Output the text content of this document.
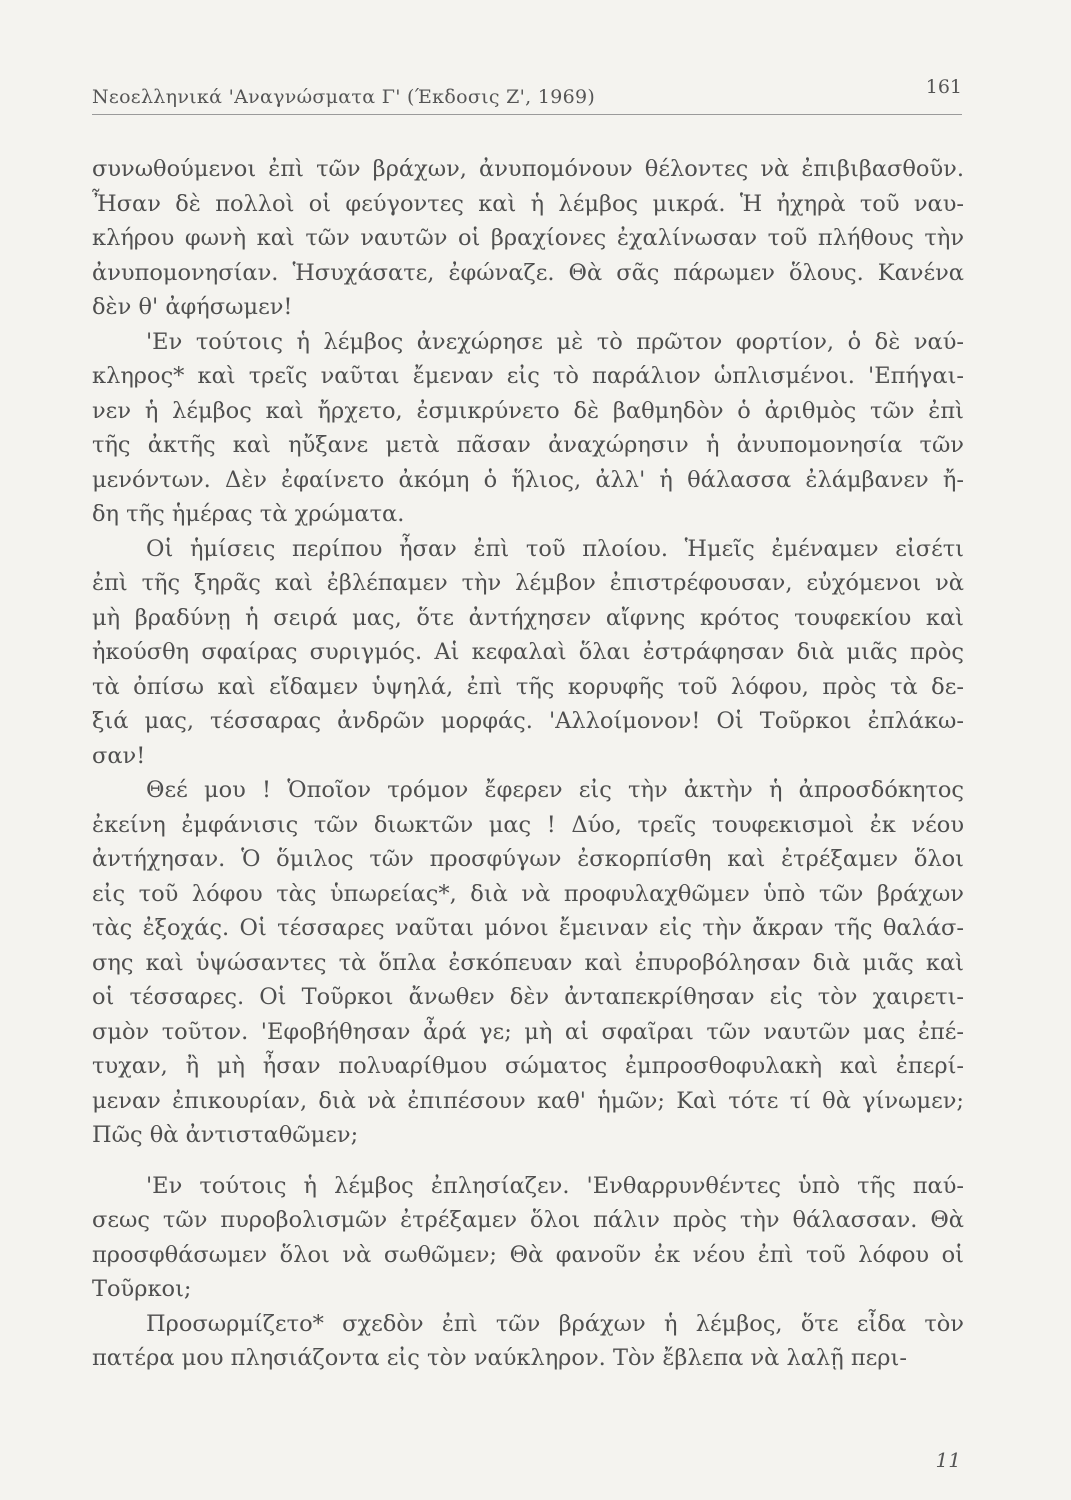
Νεοελληνικά 'Αναγνώσματα Γ' (Έκδοσις Ζ', 1969)	161
συνωθούμενοι ἐπὶ τῶν βράχων, ἀνυπομόνουν θέλοντες νὰ ἐπιβιβασθοῦν.
Ἦσαν δὲ πολλοὶ οἱ φεύγοντες καὶ ἡ λέμβος μικρά. Ἡ ἠχηρὰ τοῦ ναυ-
κλήρου φωνὴ καὶ τῶν ναυτῶν οἱ βραχίονες ἐχαλίνωσαν τοῦ πλήθους τὴν
ἀνυπομονησίαν. Ἡσυχάσατε, ἐφώναζε. Θὰ σᾶς πάρωμεν ὅλους. Κανένα
δὲν θ' ἀφήσωμεν!
'Εν τούτοις ἡ λέμβος ἀνεχώρησε μὲ τὸ πρῶτον φορτίον, ὁ δὲ ναύ-
κληρος* καὶ τρεῖς ναῦται ἔμεναν εἰς τὸ παράλιον ὡπλισμένοι. 'Επήγαι-
νεν ἡ λέμβος καὶ ἤρχετο, ἐσμικρύνετο δὲ βαθμηδὸν ὁ ἀριθμὸς τῶν ἐπὶ
τῆς ἀκτῆς καὶ ηὔξανε μετὰ πᾶσαν ἀναχώρησιν ἡ ἀνυπομονησία τῶν
μενόντων. Δὲν ἐφαίνετο ἀκόμη ὁ ἥλιος, ἀλλ' ἡ θάλασσα ἐλάμβανεν ἤ-
δη τῆς ἡμέρας τὰ χρώματα.
Οἱ ἡμίσεις περίπου ἦσαν ἐπὶ τοῦ πλοίου. Ἡμεῖς ἐμέναμεν εἰσέτι
ἐπὶ τῆς ξηρᾶς καὶ ἐβλέπαμεν τὴν λέμβον ἐπιστρέφουσαν, εὐχόμενοι νὰ
μὴ βραδύνῃ ἡ σειρά μας, ὅτε ἀντήχησεν αἴφνης κρότος τουφεκίου καὶ
ἠκούσθη σφαίρας συριγμός. Αἱ κεφαλαὶ ὅλαι ἐστράφησαν διὰ μιᾶς πρὸς
τὰ ὀπίσω καὶ εἴδαμεν ὑψηλά, ἐπὶ τῆς κορυφῆς τοῦ λόφου, πρὸς τὰ δε-
ξιά μας, τέσσαρας ἀνδρῶν μορφάς. 'Αλλοίμονον! Οἱ Τοῦρκοι ἐπλάκω-
σαν!
Θεέ μου ! Ὁποῖον τρόμον ἔφερεν εἰς τὴν ἀκτὴν ἡ ἀπροσδόκητος
ἐκείνη ἐμφάνισις τῶν διωκτῶν μας ! Δύο, τρεῖς τουφεκισμοὶ ἐκ νέου
ἀντήχησαν. Ὁ ὅμιλος τῶν προσφύγων ἐσκορπίσθη καὶ ἐτρέξαμεν ὅλοι
εἰς τοῦ λόφου τὰς ὑπωρείας*, διὰ νὰ προφυλαχθῶμεν ὑπὸ τῶν βράχων
τὰς ἐξοχάς. Οἱ τέσσαρες ναῦται μόνοι ἔμειναν εἰς τὴν ἄκραν τῆς θαλάσ-
σης καὶ ὑψώσαντες τὰ ὅπλα ἐσκόπευαν καὶ ἐπυροβόλησαν διὰ μιᾶς καὶ
οἱ τέσσαρες. Οἱ Τοῦρκοι ἄνωθεν δὲν ἀνταπεκρίθησαν εἰς τὸν χαιρετι-
σμὸν τοῦτον. 'Εφοβήθησαν ἆρά γε; μὴ αἱ σφαῖραι τῶν ναυτῶν μας ἐπέ-
τυχαν, ἢ μὴ ἦσαν πολυαρίθμου σώματος ἐμπροσθοφυλακὴ καὶ ἐπερί-
μεναν ἐπικουρίαν, διὰ νὰ ἐπιπέσουν καθ' ἡμῶν; Καὶ τότε τί θὰ γίνωμεν;
Πῶς θὰ ἀντισταθῶμεν;
'Εν τούτοις ἡ λέμβος ἐπλησίαζεν. 'Ενθαρρυνθέντες ὑπὸ τῆς παύ-
σεως τῶν πυροβολισμῶν ἐτρέξαμεν ὅλοι πάλιν πρὸς τὴν θάλασσαν. Θὰ
προσφθάσωμεν ὅλοι νὰ σωθῶμεν; Θὰ φανοῦν ἐκ νέου ἐπὶ τοῦ λόφου οἱ
Τοῦρκοι;
Προσωρμίζετο* σχεδὸν ἐπὶ τῶν βράχων ἡ λέμβος, ὅτε εἶδα τὸν
πατέρα μου πλησιάζοντα εἰς τὸν ναύκληρον. Τὸν ἔβλεπα νὰ λαλῇ περι-
11
